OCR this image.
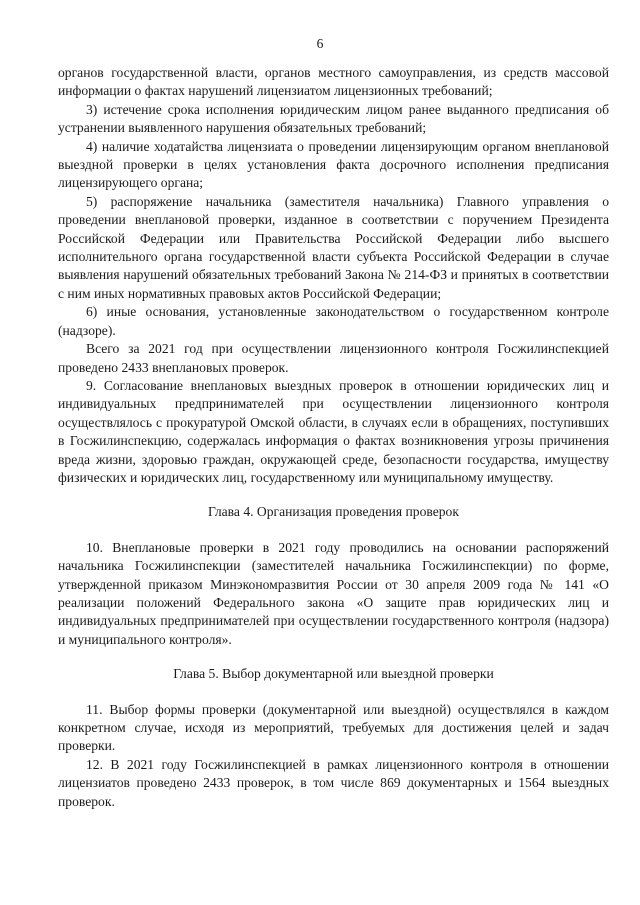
6

органов государственной власти, органов местного самоуправления, из средств массовой информации о фактах нарушений лицензиатом лицензионных требований;

3) истечение срока исполнения юридическим лицом ранее выданного предписания об устранении выявленного нарушения обязательных требований;

4) наличие ходатайства лицензиата о проведении лицензирующим органом внеплановой выездной проверки в целях установления факта досрочного исполнения предписания лицензирующего органа;

5) распоряжение начальника (заместителя начальника) Главного управления о проведении внеплановой проверки, изданное в соответствии с поручением Президента Российской Федерации или Правительства Российской Федерации либо высшего исполнительного органа государственной власти субъекта Российской Федерации в случае выявления нарушений обязательных требований Закона № 214-ФЗ и принятых в соответствии с ним иных нормативных правовых актов Российской Федерации;

6) иные основания, установленные законодательством о государственном контроле (надзоре).

Всего за 2021 год при осуществлении лицензионного контроля Госжилинспекцией проведено 2433 внеплановых проверок.

9. Согласование внеплановых выездных проверок в отношении юридических лиц и индивидуальных предпринимателей при осуществлении лицензионного контроля осуществлялось с прокуратурой Омской области, в случаях если в обращениях, поступивших в Госжилинспекцию, содержалась информация о фактах возникновения угрозы причинения вреда жизни, здоровью граждан, окружающей среде, безопасности государства, имуществу физических и юридических лиц, государственному или муниципальному имуществу.

Глава 4. Организация проведения проверок

10. Внеплановые проверки в 2021 году проводились на основании распоряжений начальника Госжилинспекции (заместителей начальника Госжилинспекции) по форме, утвержденной приказом Минэкономразвития России от 30 апреля 2009 года № 141 «О реализации положений Федерального закона «О защите прав юридических лиц и индивидуальных предпринимателей при осуществлении государственного контроля (надзора) и муниципального контроля».

Глава 5. Выбор документарной или выездной проверки

11. Выбор формы проверки (документарной или выездной) осуществлялся в каждом конкретном случае, исходя из мероприятий, требуемых для достижения целей и задач проверки.

12. В 2021 году Госжилинспекцией в рамках лицензионного контроля в отношении лицензиатов проведено 2433 проверок, в том числе 869 документарных и 1564 выездных проверок.
